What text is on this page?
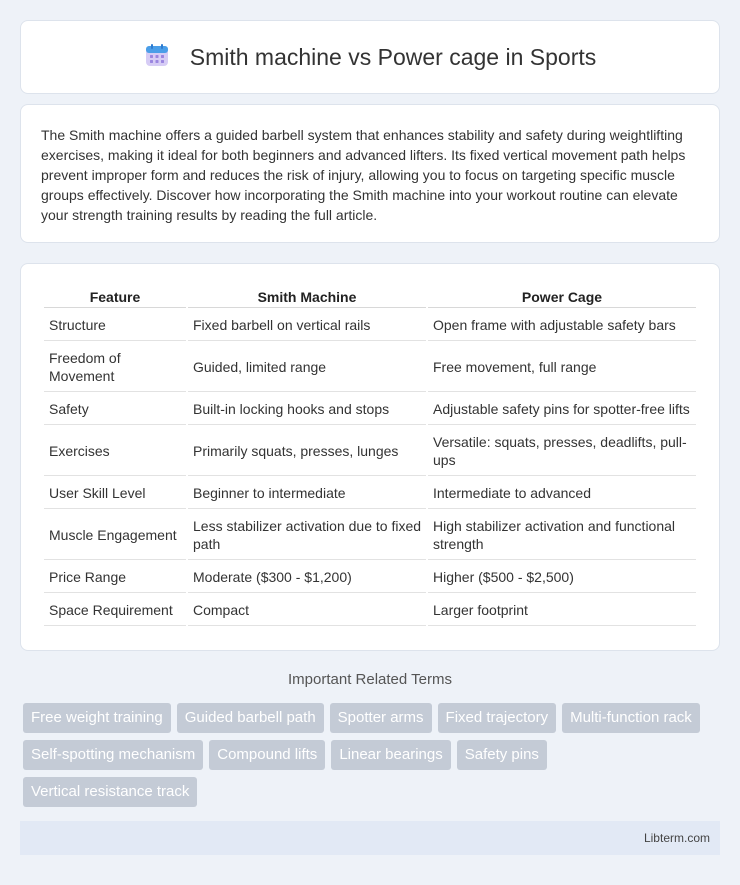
Smith machine vs Power cage in Sports

The Smith machine offers a guided barbell system that enhances stability and safety during weightlifting exercises, making it ideal for both beginners and advanced lifters. Its fixed vertical movement path helps prevent improper form and reduces the risk of injury, allowing you to focus on targeting specific muscle groups effectively. Discover how incorporating the Smith machine into your workout routine can elevate your strength training results by reading the full article.

Feature	Smith Machine	Power Cage
Structure	Fixed barbell on vertical rails	Open frame with adjustable safety bars
Freedom of Movement	Guided, limited range	Free movement, full range
Safety	Built-in locking hooks and stops	Adjustable safety pins for spotter-free lifts
Exercises	Primarily squats, presses, lunges	Versatile: squats, presses, deadlifts, pull-ups
User Skill Level	Beginner to intermediate	Intermediate to advanced
Muscle Engagement	Less stabilizer activation due to fixed path	High stabilizer activation and functional strength
Price Range	Moderate ($300 - $1,200)	Higher ($500 - $2,500)
Space Requirement	Compact	Larger footprint
Important Related Terms
Free weight training	Guided barbell path	Spotter arms	Fixed trajectory	Multi-function rack
Self-spotting mechanism	Compound lifts	Linear bearings	Safety pins
Vertical resistance track
Libterm.com
